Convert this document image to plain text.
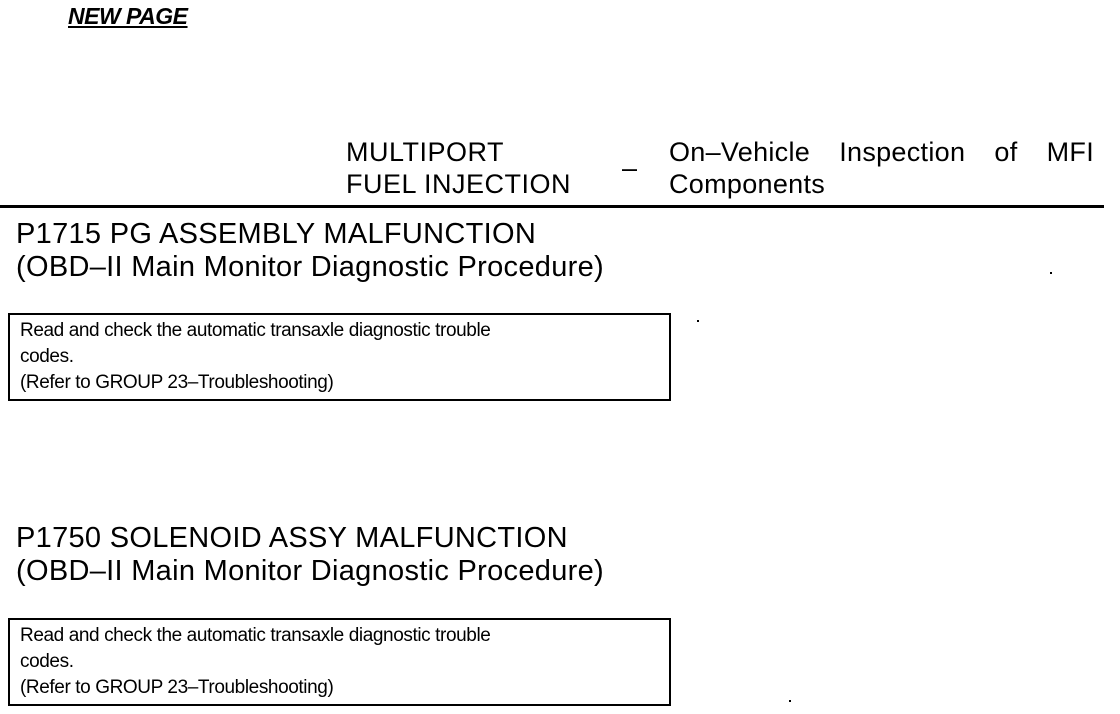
NEW PAGE
MULTIPORT
FUEL INJECTION
–
On–Vehicle Inspection of MFI
Components
P1715 PG ASSEMBLY MALFUNCTION
(OBD–II Main Monitor Diagnostic Procedure)
Read and check the automatic transaxle diagnostic trouble
codes.
(Refer to GROUP 23–Troubleshooting)
P1750 SOLENOID ASSY MALFUNCTION
(OBD–II Main Monitor Diagnostic Procedure)
Read and check the automatic transaxle diagnostic trouble
codes.
(Refer to GROUP 23–Troubleshooting)
